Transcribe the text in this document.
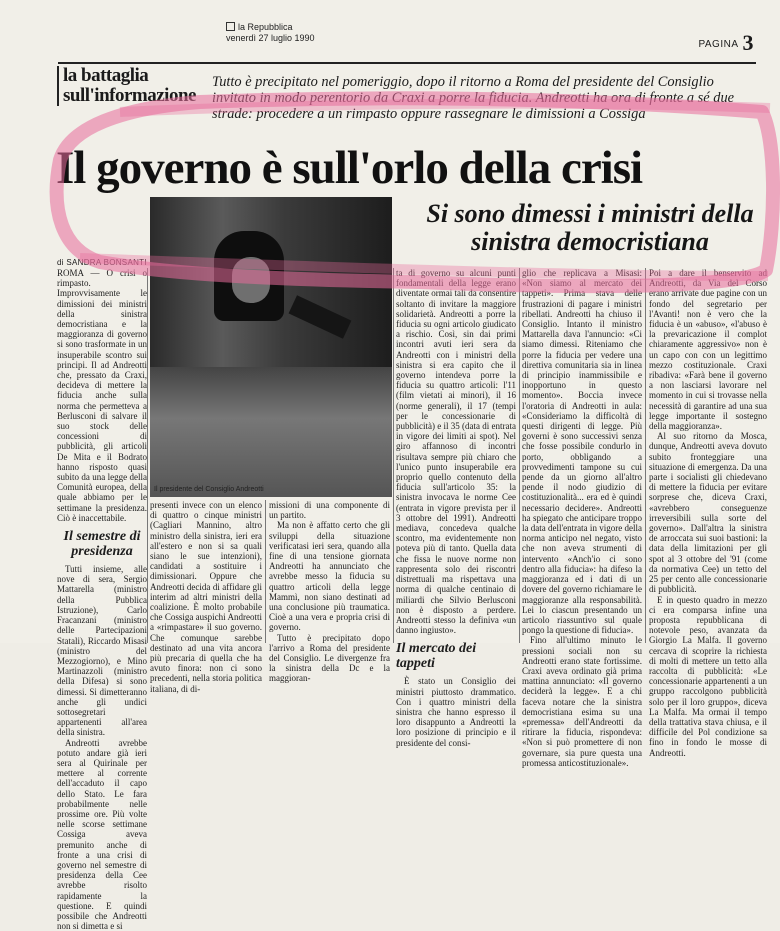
la Repubblica
venerdì 27 luglio 1990
PAGINA 3
la battaglia
sull'informazione
Tutto è precipitato nel pomeriggio, dopo il ritorno a Roma del presidente del Consiglio invitato in modo perentorio da Craxi a porre la fiducia. Andreotti ha ora di fronte a sé due strade: procedere a un rimpasto oppure rassegnare le dimissioni a Cossiga
Il governo è sull'orlo della crisi
Il presidente del Consiglio Andreotti
Si sono dimessi i ministri della sinistra democristiana
di SANDRA BONSANTI

ROMA — O crisi o rimpasto. Improvvisamente le dimissioni dei ministri della sinistra democristiana e la maggioranza di governo si sono trasformate in un insuperabile scontro sui principi. Il ad Andreotti che, pressato da Craxi, decideva di mettere la fiducia anche sulla norma che permetteva a Berlusconi di salvare il suo stock delle concessioni di pubblicità, gli articoli De Mita e il Bodrato hanno risposto quasi subito da una legge della Comunità europea, della quale abbiamo per le settimane la presidenza. Ciò è inaccettabile.

Il semestre di presidenza

Tutti insieme, alle nove di sera, Sergio Mattarella (ministro della Pubblica Istruzione), Carlo Fracanzani (ministro delle Partecipazioni Statali), Riccardo Misasi (ministro del Mezzogiorno), e Mino Martinazzoli (ministro della Difesa) si sono dimessi. Si dimetteranno anche gli undici sottosegretari appartenenti all'area della sinistra.

Andreotti avrebbe potuto andare già ieri sera al Quirinale per mettere al corrente dell'accaduto il capo dello Stato. Le fara probabilmente nelle prossime ore. Più volte nelle scorse settimane Cossiga aveva premunito anche di fronte a una crisi di governo nel semestre di presidenza della Cee avrebbe risolto rapidamente la questione. E quindi possibile che Andreotti non si dimetta e si

presenti invece con un elenco di quattro o cinque ministri (Cagliari Mannino, altro ministro della sinistra, ieri era all'estero e non si sa quali siano le sue intenzioni), candidati a sostituire i dimissionari. Oppure che Andreotti decida di affidare gli interim ad altri ministri della coalizione. È molto probabile che Cossiga auspichi Andreotti a «rimpastare» il suo governo. Che comunque sarebbe destinato ad una vita ancora più precaria di quella che ha avuto finora: non ci sono precedenti, nella storia politica italiana, di di-

missioni di una componente di un partito.

Ma non è affatto certo che gli sviluppi della situazione verificatasi ieri sera, quando alla fine di una tensione giornata Andreotti ha annunciato che avrebbe messo la fiducia su quattro articoli della legge Mammì, non siano destinati ad una conclusione più traumatica. Cioè a una vera e propria crisi di governo.

Tutto è precipitato dopo l'arrivo a Roma del presidente del Consiglio. Le divergenze fra la sinistra della Dc e la maggioran-

ta di governo su alcuni punti fondamentali della legge erano diventate ormai tali da consentire soltanto di invitare la maggiore solidarietà. Andreotti a porre la fiducia su ogni articolo giudicato a rischio. Così, sin dai primi incontri avuti ieri sera da Andreotti con i ministri della sinistra si era capito che il governo intendeva porre la fiducia su quattro articoli: l'11 (film vietati ai minori), il 16 (norme generali), il 17 (tempi per le concessionarie di pubblicità) e il 35 (data di entrata in vigore dei limiti ai spot). Nel giro affannoso di incontri risultava sempre più chiaro che l'unico punto insuperabile era proprio quello contenuto della fiducia sull'articolo 35: la sinistra invocava le norme Cee (entrata in vigore prevista per il 3 ottobre del 1991). Andreotti mediava, concedeva qualche scontro, ma evidentemente non poteva più di tanto. Quella data che fissa le nuove norme non rappresenta solo dei riscontri distrettuali ma rispettava una norma di qualche centinaio di miliardi che Silvio Berlusconi non è disposto a perdere. Andreotti stesso la definiva «un danno ingiusto».

Il mercato dei tappeti

È stato un Consiglio dei ministri piuttosto drammatico. Con i quattro ministri della sinistra che hanno espresso il loro disappunto a Andreotti la loro posizione di principio e il presidente del consi-

glio che replicava a Misasi: «Non siamo al mercato dei tappeti». Prima stava delle frustrazioni di pagare i ministri ribellati. Andreotti ha chiuso il Consiglio. Intanto il ministro Mattarella dava l'annuncio: «Ci siamo dimessi. Riteniamo che porre la fiducia per vedere una direttiva comunitaria sia in linea di principio inammissibile e inopportuno in questo momento». Boccia invece l'oratoria di Andreotti in aula: «Consideriamo la difficoltà di questi dirigenti di legge. Più governi è sono successivi senza che fosse possibile condurlo in porto, obbligando a provvedimenti tampone su cui pende da un giorno all'altro pende il nodo giudizio di costituzionalità... era ed è quindi necessario decidere». Andreotti ha spiegato che anticipare troppo la data dell'entrata in vigore della norma anticipo nel negato, visto che non aveva strumenti di intervento «Anch'io ci sono dentro alla fiducia»: ha difeso la maggioranza ed i dati di un dovere del governo richiamare le maggioranze alla responsabilità. Lei lo ciascun presentando un articolo riassuntivo sul quale pongo la questione di fiducia».

Fino all'ultimo minuto le pressioni sociali non su Andreotti erano state fortissime. Craxi aveva ordinato già prima mattina annunciato: «Il governo deciderà la legge». E a chi faceva notare che la sinistra democristiana esima su una «premessa» dell'Andreotti da ritirare la fiducia, rispondeva: «Non si può promettere di non governare, sia pure questa una promessa anticostituzionale».

Poi a dare il benservito ad Andreotti, da Via del Corso erano arrivate due pagine con un fondo del segretario per l'Avanti! non è vero che la fiducia è un «abuso», «l'abuso è la prevaricazione il complot chiaramente aggressivo» non è un capo con con un legittimo mezzo costituzionale. Craxi ribadiva: «Farà bene il governo a non lasciarsi lavorare nel momento in cui si trovasse nella necessità di garantire ad una sua legge importante il sostegno della maggioranza».

Al suo ritorno da Mosca, dunque, Andreotti aveva dovuto subito fronteggiare una situazione di emergenza. Da una parte i socialisti gli chiedevano di mettere la fiducia per evitare sorprese che, diceva Craxi, «avrebbero conseguenze irreversibili sulla sorte del governo». Dall'altra la sinistra de arroccata sui suoi bastioni: la data della limitazioni per gli spot al 3 ottobre del '91 (come da normativa Cee) un tetto del 25 per cento alle concessionarie di pubblicità.

E in questo quadro in mezzo ci era comparsa infine una proposta repubblicana di notevole peso, avanzata da Giorgio La Malfa. Il governo cercava di scoprire la richiesta di molti di mettere un tetto alla raccolta di pubblicità: «Le concessionarie appartenenti a un gruppo raccolgono pubblicità solo per il loro gruppo», diceva La Malfa. Ma ormai il tempo della trattativa stava chiusa, e il difficile del Pol condizione sa fino in fondo le mosse di Andreotti.
